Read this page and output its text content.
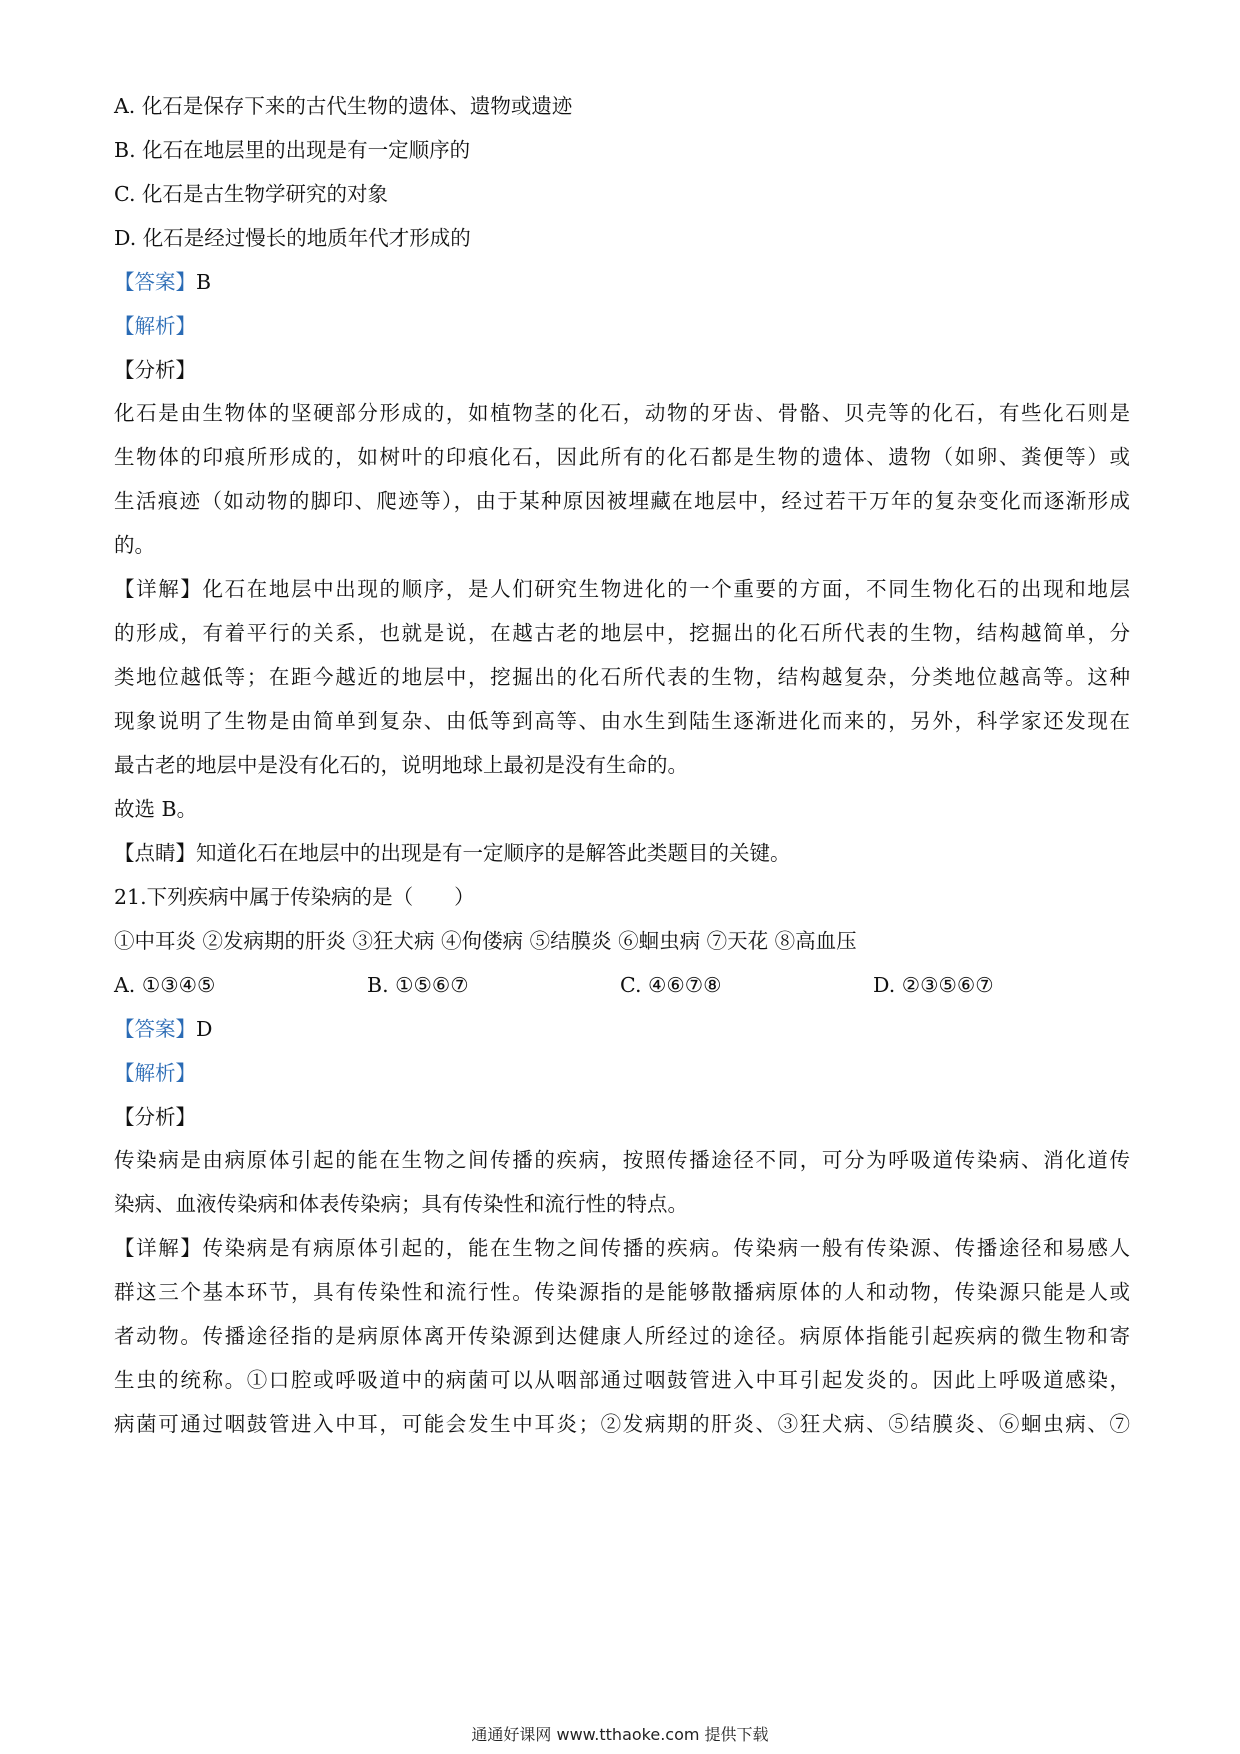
A. 化石是保存下来的古代生物的遗体、遗物或遗迹
B. 化石在地层里的出现是有一定顺序的
C. 化石是古生物学研究的对象
D. 化石是经过慢长的地质年代才形成的
【答案】B
【解析】
【分析】
化石是由生物体的坚硬部分形成的，如植物茎的化石，动物的牙齿、骨骼、贝壳等的化石，有些化石则是
生物体的印痕所形成的，如树叶的印痕化石，因此所有的化石都是生物的遗体、遗物（如卵、粪便等）或
生活痕迹（如动物的脚印、爬迹等），由于某种原因被埋藏在地层中，经过若干万年的复杂变化而逐渐形成
的。
【详解】化石在地层中出现的顺序，是人们研究生物进化的一个重要的方面，不同生物化石的出现和地层
的形成，有着平行的关系，也就是说，在越古老的地层中，挖掘出的化石所代表的生物，结构越简单，分
类地位越低等；在距今越近的地层中，挖掘出的化石所代表的生物，结构越复杂，分类地位越高等。这种
现象说明了生物是由简单到复杂、由低等到高等、由水生到陆生逐渐进化而来的，另外，科学家还发现在
最古老的地层中是没有化石的，说明地球上最初是没有生命的。
故选 B。
【点睛】知道化石在地层中的出现是有一定顺序的是解答此类题目的关键。
21.下列疾病中属于传染病的是（　　）
①中耳炎 ②发病期的肝炎 ③狂犬病 ④佝偻病 ⑤结膜炎 ⑥蛔虫病 ⑦天花 ⑧高血压
A. ①③④⑤	B. ①⑤⑥⑦	C. ④⑥⑦⑧	D. ②③⑤⑥⑦
【答案】D
【解析】
【分析】
传染病是由病原体引起的能在生物之间传播的疾病，按照传播途径不同，可分为呼吸道传染病、消化道传
染病、血液传染病和体表传染病；具有传染性和流行性的特点。
【详解】传染病是有病原体引起的，能在生物之间传播的疾病。传染病一般有传染源、传播途径和易感人
群这三个基本环节，具有传染性和流行性。传染源指的是能够散播病原体的人和动物，传染源只能是人或
者动物。传播途径指的是病原体离开传染源到达健康人所经过的途径。病原体指能引起疾病的微生物和寄
生虫的统称。①口腔或呼吸道中的病菌可以从咽部通过咽鼓管进入中耳引起发炎的。因此上呼吸道感染，
病菌可通过咽鼓管进入中耳，可能会发生中耳炎；②发病期的肝炎、③狂犬病、⑤结膜炎、⑥蛔虫病、⑦
通通好课网 www.tthaoke.com 提供下载
